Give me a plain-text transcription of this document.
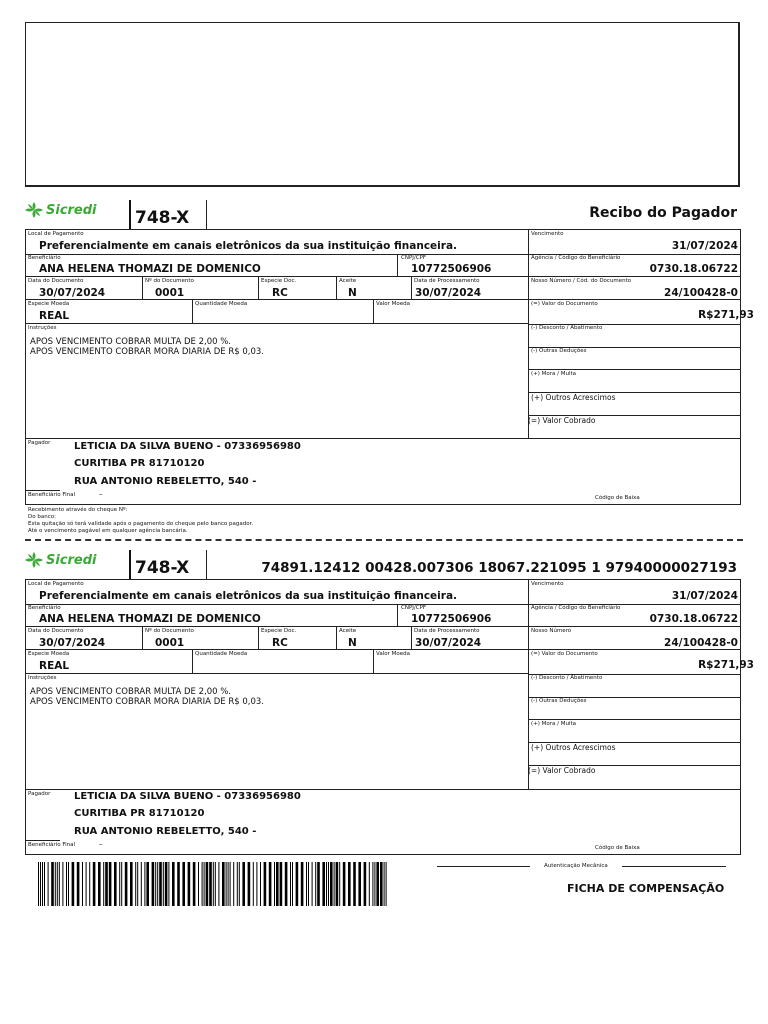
Sicredi 748-X	Recibo do Pagador
Local de Pagamento
Preferencialmente em canais eletrônicos da sua instituição financeira.
Vencimento
31/07/2024
Beneficiário
ANA HELENA THOMAZI DE DOMENICO
CNPJ/CPF
10772506906
Agência / Código do Beneficiário
0730.18.06722
Data do Documento
30/07/2024
Nº do Documento
0001
Especie Doc.
RC
Aceite
N
Data de Processamento
30/07/2024
Nosso Número / Cód. do Documento
24/100428-0
Especie Moeda
REAL
Quantidade Moeda	Valor Moeda	(=) Valor do Documento
R$271,93
Instruções
APOS VENCIMENTO COBRAR MULTA DE 2,00 %.
APOS VENCIMENTO COBRAR MORA DIARIA DE R$ 0,03.
(-) Desconto / Abatimento
(-) Outras Deduções
(+) Mora / Multa
(+) Outros Acrescimos
(=) Valor Cobrado
Pagador LETICIA DA SILVA BUENO - 07336956980
CURITIBA PR 81710120
RUA ANTONIO REBELETTO, 540 -
Beneficiário Final	–	Código de Baixa
Recebimento através do cheque Nº:
Do banco:
Esta quitação só terá validade após o pagamento do cheque pelo banco pagador.
Até o vencimento pagável em qualquer agência bancária.
Sicredi 748-X	74891.12412 00428.007306 18067.221095 1 97940000027193
Local de Pagamento
Preferencialmente em canais eletrônicos da sua instituição financeira.
Vencimento
31/07/2024
Beneficiário
ANA HELENA THOMAZI DE DOMENICO
CNPJ/CPF
10772506906
Agência / Código do Beneficiário
0730.18.06722
Data do Documento
30/07/2024
Nº do Documento
0001
Especie Doc.
RC
Aceite
N
Data de Processamento
30/07/2024
Nosso Número
24/100428-0
Especie Moeda
REAL
Quantidade Moeda	Valor Moeda	(=) Valor do Documento
R$271,93
Instruções
APOS VENCIMENTO COBRAR MULTA DE 2,00 %.
APOS VENCIMENTO COBRAR MORA DIARIA DE R$ 0,03.
(-) Desconto / Abatimento
(-) Outras Deduções
(+) Mora / Multa
(+) Outros Acrescimos
(=) Valor Cobrado
Pagador LETICIA DA SILVA BUENO - 07336956980
CURITIBA PR 81710120
RUA ANTONIO REBELETTO, 540 -
Beneficiário Final	–	Código de Baixa
Autenticação Mecânica
FICHA DE COMPENSAÇÃO
